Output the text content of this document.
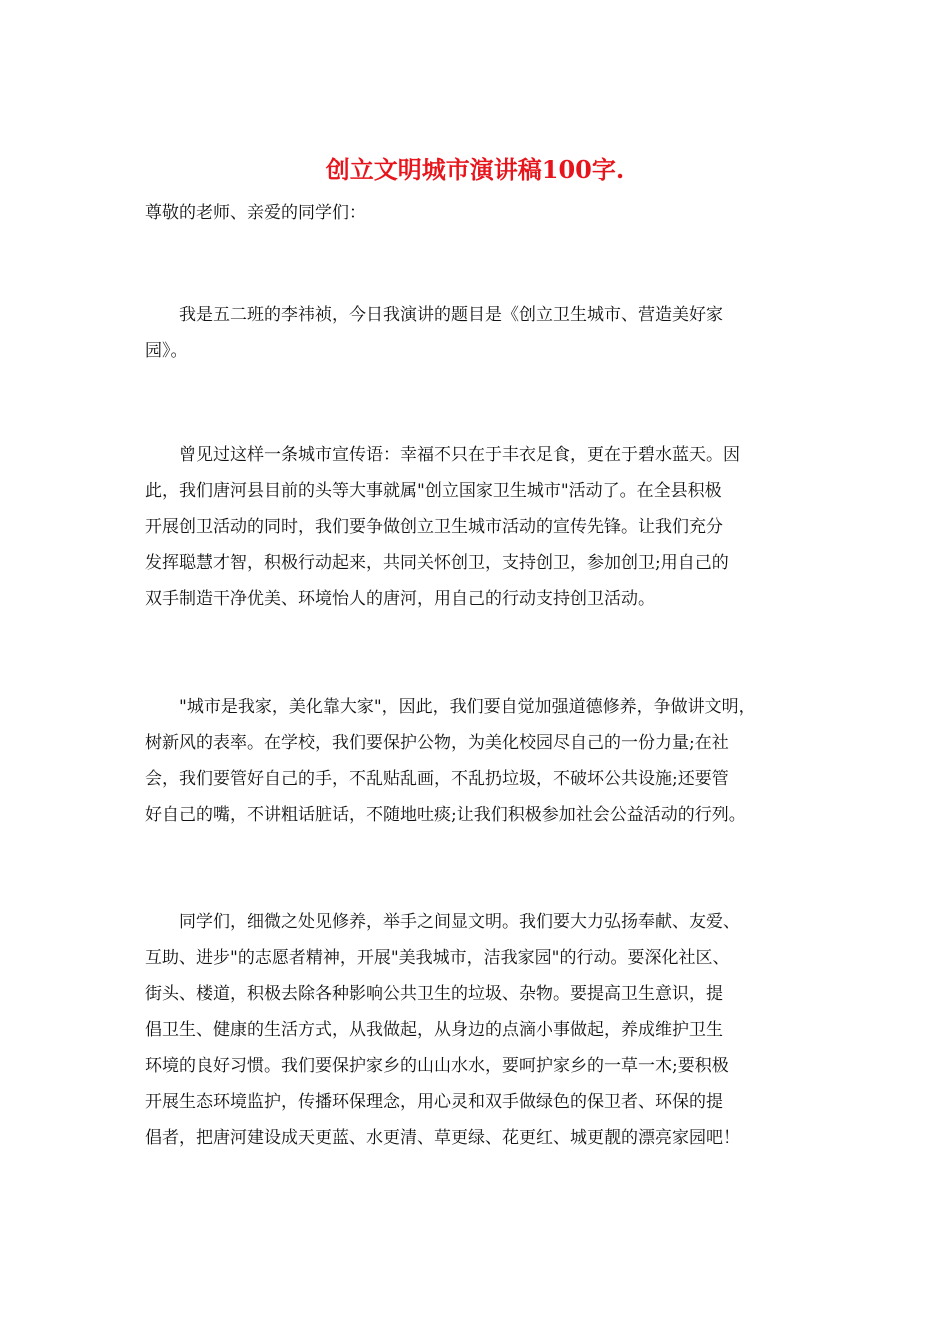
创立文明城市演讲稿100字.
尊敬的老师、亲爱的同学们：
　　我是五二班的李祎祯，今日我演讲的题目是《创立卫生城市、营造美好家
园》。
　　曾见过这样一条城市宣传语：幸福不只在于丰衣足食，更在于碧水蓝天。因
此，我们唐河县目前的头等大事就属"创立国家卫生城市"活动了。在全县积极
开展创卫活动的同时，我们要争做创立卫生城市活动的宣传先锋。让我们充分
发挥聪慧才智，积极行动起来，共同关怀创卫，支持创卫，参加创卫;用自己的
双手制造干净优美、环境怡人的唐河，用自己的行动支持创卫活动。
　　"城市是我家，美化靠大家"，因此，我们要自觉加强道德修养，争做讲文明，
树新风的表率。在学校，我们要保护公物，为美化校园尽自己的一份力量;在社
会，我们要管好自己的手，不乱贴乱画，不乱扔垃圾，不破坏公共设施;还要管
好自己的嘴，不讲粗话脏话，不随地吐痰;让我们积极参加社会公益活动的行列。
　　同学们，细微之处见修养，举手之间显文明。我们要大力弘扬奉献、友爱、
互助、进步"的志愿者精神，开展"美我城市，洁我家园"的行动。要深化社区、
街头、楼道，积极去除各种影响公共卫生的垃圾、杂物。要提高卫生意识，提
倡卫生、健康的生活方式，从我做起，从身边的点滴小事做起，养成维护卫生
环境的良好习惯。我们要保护家乡的山山水水，要呵护家乡的一草一木;要积极
开展生态环境监护，传播环保理念，用心灵和双手做绿色的保卫者、环保的提
倡者，把唐河建设成天更蓝、水更清、草更绿、花更红、城更靓的漂亮家园吧！
